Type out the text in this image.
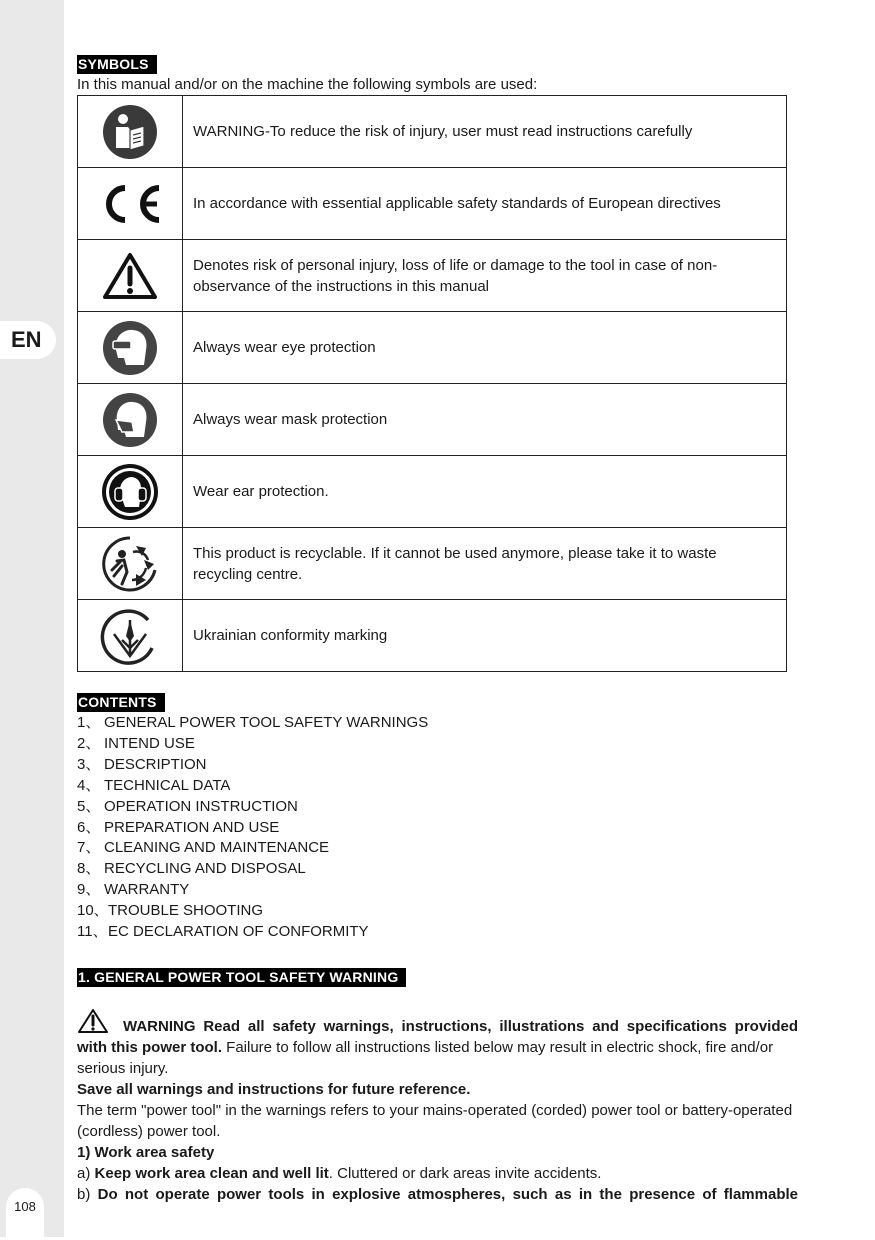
EN
108
SYMBOLS
In this manual and/or on the machine the following symbols are used:
	WARNING-To reduce the risk of injury, user must read instructions carefully

	In accordance with essential applicable safety standards of European directives

	Denotes risk of personal injury, loss of life or damage to the tool in case of non-observance of the instructions in this manual

	Always wear eye protection

	Always wear mask protection

	Wear ear protection.

	This product is recyclable. If it cannot be used anymore, please take it to waste recycling centre.

	Ukrainian conformity marking
CONTENTS
1、 GENERAL POWER TOOL SAFETY WARNINGS
2、 INTEND USE
3、 DESCRIPTION
4、 TECHNICAL DATA
5、 OPERATION INSTRUCTION
6、 PREPARATION AND USE
7、 CLEANING AND MAINTENANCE
8、 RECYCLING AND DISPOSAL
9、 WARRANTY
10、TROUBLE SHOOTING
11、EC DECLARATION OF CONFORMITY
1. GENERAL POWER TOOL SAFETY WARNING

WARNING Read all safety warnings, instructions, illustrations and specifications provided

with this power tool. Failure to follow all instructions listed below may result in electric shock, fire and/or serious injury.

Save all warnings and instructions for future reference.

The term "power tool" in the warnings refers to your mains-operated (corded) power tool or battery-operated (cordless) power tool.

1) Work area safety

a) Keep work area clean and well lit. Cluttered or dark areas invite accidents.

b) Do not operate power tools in explosive atmospheres, such as in the presence of flammable
